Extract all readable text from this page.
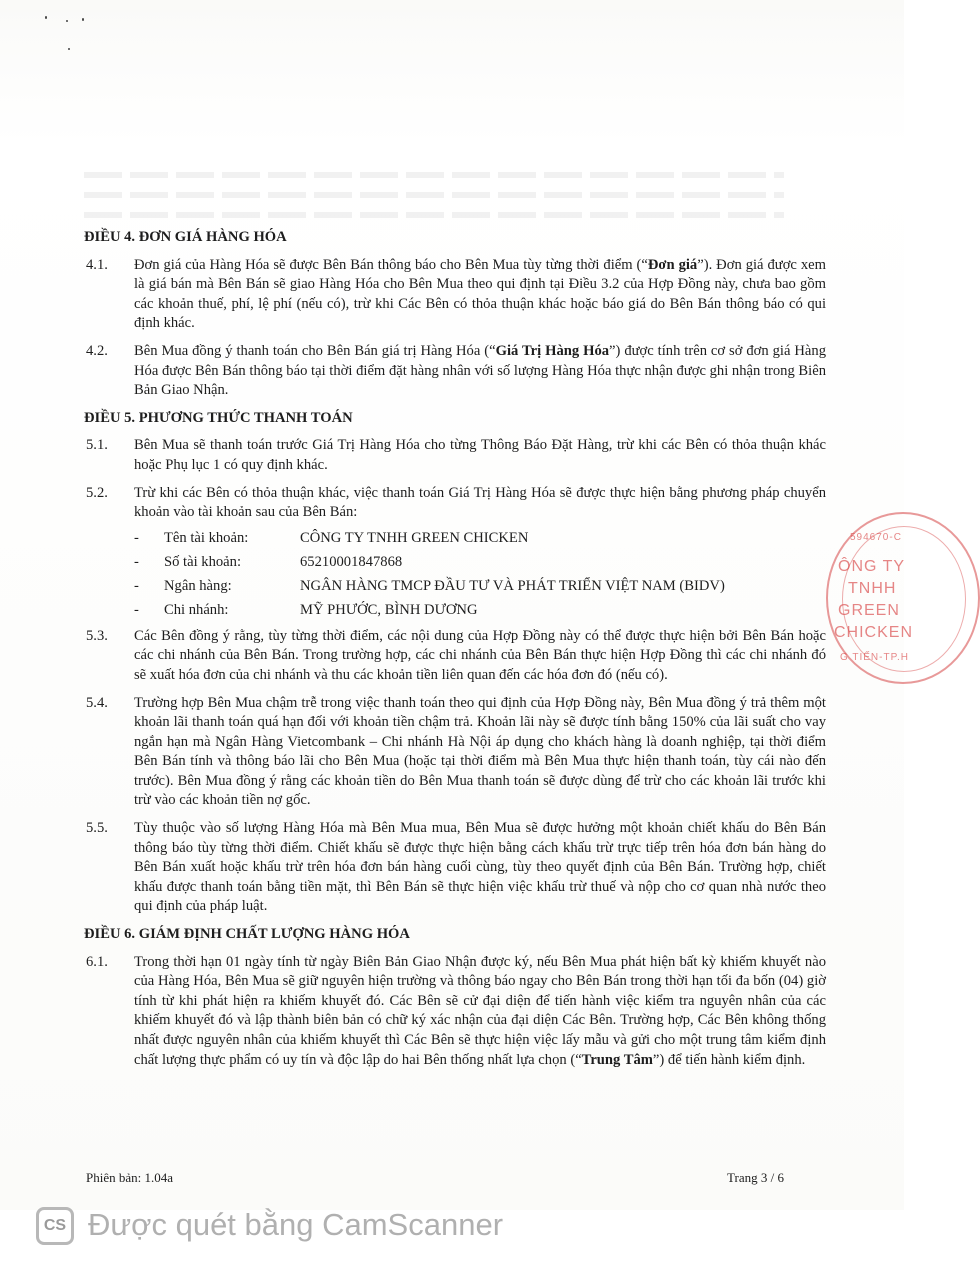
ĐIỀU 4. ĐƠN GIÁ HÀNG HÓA
4.1.	Đơn giá của Hàng Hóa sẽ được Bên Bán thông báo cho Bên Mua tùy từng thời điểm (“Đơn giá”). Đơn giá được xem là giá bán mà Bên Bán sẽ giao Hàng Hóa cho Bên Mua theo qui định tại Điều 3.2 của Hợp Đồng này, chưa bao gồm các khoản thuế, phí, lệ phí (nếu có), trừ khi Các Bên có thỏa thuận khác hoặc báo giá do Bên Bán thông báo có qui định khác.
4.2.	Bên Mua đồng ý thanh toán cho Bên Bán giá trị Hàng Hóa (“Giá Trị Hàng Hóa”) được tính trên cơ sở đơn giá Hàng Hóa được Bên Bán thông báo tại thời điểm đặt hàng nhân với số lượng Hàng Hóa thực nhận được ghi nhận trong Biên Bản Giao Nhận.
ĐIỀU 5. PHƯƠNG THỨC THANH TOÁN
5.1.	Bên Mua sẽ thanh toán trước Giá Trị Hàng Hóa cho từng Thông Báo Đặt Hàng, trừ khi các Bên có thỏa thuận khác hoặc Phụ lục 1 có quy định khác.
5.2.	Trừ khi các Bên có thỏa thuận khác, việc thanh toán Giá Trị Hàng Hóa sẽ được thực hiện bằng phương pháp chuyển khoản vào tài khoản sau của Bên Bán:
-	Tên tài khoản:	CÔNG TY TNHH GREEN CHICKEN
-	Số tài khoản:	65210001847868
-	Ngân hàng:	NGÂN HÀNG TMCP ĐẦU TƯ VÀ PHÁT TRIỂN VIỆT NAM (BIDV)
-	Chi nhánh:	MỸ PHƯỚC, BÌNH DƯƠNG
5.3.	Các Bên đồng ý rằng, tùy từng thời điểm, các nội dung của Hợp Đồng này có thể được thực hiện bởi Bên Bán hoặc các chi nhánh của Bên Bán. Trong trường hợp, các chi nhánh của Bên Bán thực hiện Hợp Đồng thì các chi nhánh đó sẽ xuất hóa đơn của chi nhánh và thu các khoản tiền liên quan đến các hóa đơn đó (nếu có).
5.4.	Trường hợp Bên Mua chậm trễ trong việc thanh toán theo qui định của Hợp Đồng này, Bên Mua đồng ý trả thêm một khoản lãi thanh toán quá hạn đối với khoản tiền chậm trả. Khoản lãi này sẽ được tính bằng 150% của lãi suất cho vay ngắn hạn mà Ngân Hàng Vietcombank – Chi nhánh Hà Nội áp dụng cho khách hàng là doanh nghiệp, tại thời điểm Bên Bán tính và thông báo lãi cho Bên Mua (hoặc tại thời điểm mà Bên Mua thực hiện thanh toán, tùy cái nào đến trước). Bên Mua đồng ý rằng các khoản tiền do Bên Mua thanh toán sẽ được dùng để trừ cho các khoản lãi trước khi trừ vào các khoản tiền nợ gốc.
5.5.	Tùy thuộc vào số lượng Hàng Hóa mà Bên Mua mua, Bên Mua sẽ được hưởng một khoản chiết khấu do Bên Bán thông báo tùy từng thời điểm. Chiết khấu sẽ được thực hiện bằng cách khấu trừ trực tiếp trên hóa đơn bán hàng do Bên Bán xuất hoặc khấu trừ trên hóa đơn bán hàng cuối cùng, tùy theo quyết định của Bên Bán. Trường hợp, chiết khấu được thanh toán bằng tiền mặt, thì Bên Bán sẽ thực hiện việc khấu trừ thuế và nộp cho cơ quan nhà nước theo qui định của pháp luật.
ĐIỀU 6. GIÁM ĐỊNH CHẤT LƯỢNG HÀNG HÓA
6.1.	Trong thời hạn 01 ngày tính từ ngày Biên Bản Giao Nhận được ký, nếu Bên Mua phát hiện bất kỳ khiếm khuyết nào của Hàng Hóa, Bên Mua sẽ giữ nguyên hiện trường và thông báo ngay cho Bên Bán trong thời hạn tối đa bốn (04) giờ tính từ khi phát hiện ra khiếm khuyết đó. Các Bên sẽ cử đại diện để tiến hành việc kiểm tra nguyên nhân của các khiếm khuyết đó và lập thành biên bản có chữ ký xác nhận của đại diện Các Bên. Trường hợp, Các Bên không thống nhất được nguyên nhân của khiếm khuyết thì Các Bên sẽ thực hiện việc lấy mẫu và gửi cho một trung tâm kiểm định chất lượng thực phẩm có uy tín và độc lập do hai Bên thống nhất lựa chọn (“Trung Tâm”) để tiến hành kiểm định.
594670-C
ÔNG TY
TNHH
GREEN
CHICKEN
G TIẾN-TP.H
Phiên bản: 1.04a	Trang 3 / 6
CS Được quét bằng CamScanner
